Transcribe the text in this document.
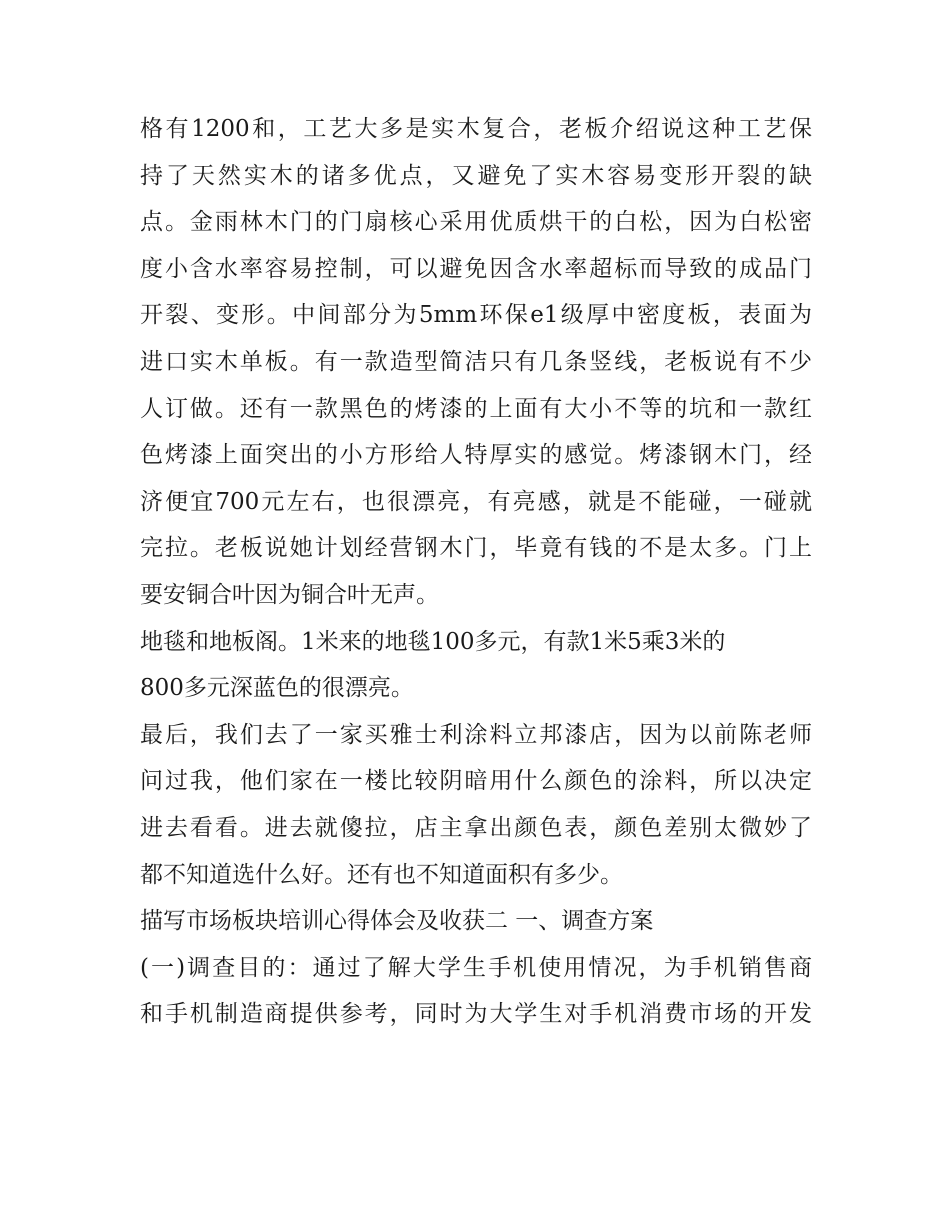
格有1200和，工艺大多是实木复合，老板介绍说这种工艺保
持了天然实木的诸多优点，又避免了实木容易变形开裂的缺
点。金雨林木门的门扇核心采用优质烘干的白松，因为白松密
度小含水率容易控制，可以避免因含水率超标而导致的成品门
开裂、变形。中间部分为5mm环保e1级厚中密度板，表面为
进口实木单板。有一款造型简洁只有几条竖线，老板说有不少
人订做。还有一款黑色的烤漆的上面有大小不等的坑和一款红
色烤漆上面突出的小方形给人特厚实的感觉。烤漆钢木门，经
济便宜700元左右，也很漂亮，有亮感，就是不能碰，一碰就
完拉。老板说她计划经营钢木门，毕竟有钱的不是太多。门上
要安铜合叶因为铜合叶无声。
地毯和地板阁。1米来的地毯100多元，有款1米5乘3米的
800多元深蓝色的很漂亮。
最后，我们去了一家买雅士利涂料立邦漆店，因为以前陈老师
问过我，他们家在一楼比较阴暗用什么颜色的涂料，所以决定
进去看看。进去就傻拉，店主拿出颜色表，颜色差别太微妙了
都不知道选什么好。还有也不知道面积有多少。
描写市场板块培训心得体会及收获二 一、调查方案
(一)调查目的：通过了解大学生手机使用情况，为手机销售商
和手机制造商提供参考，同时为大学生对手机消费市场的开发
